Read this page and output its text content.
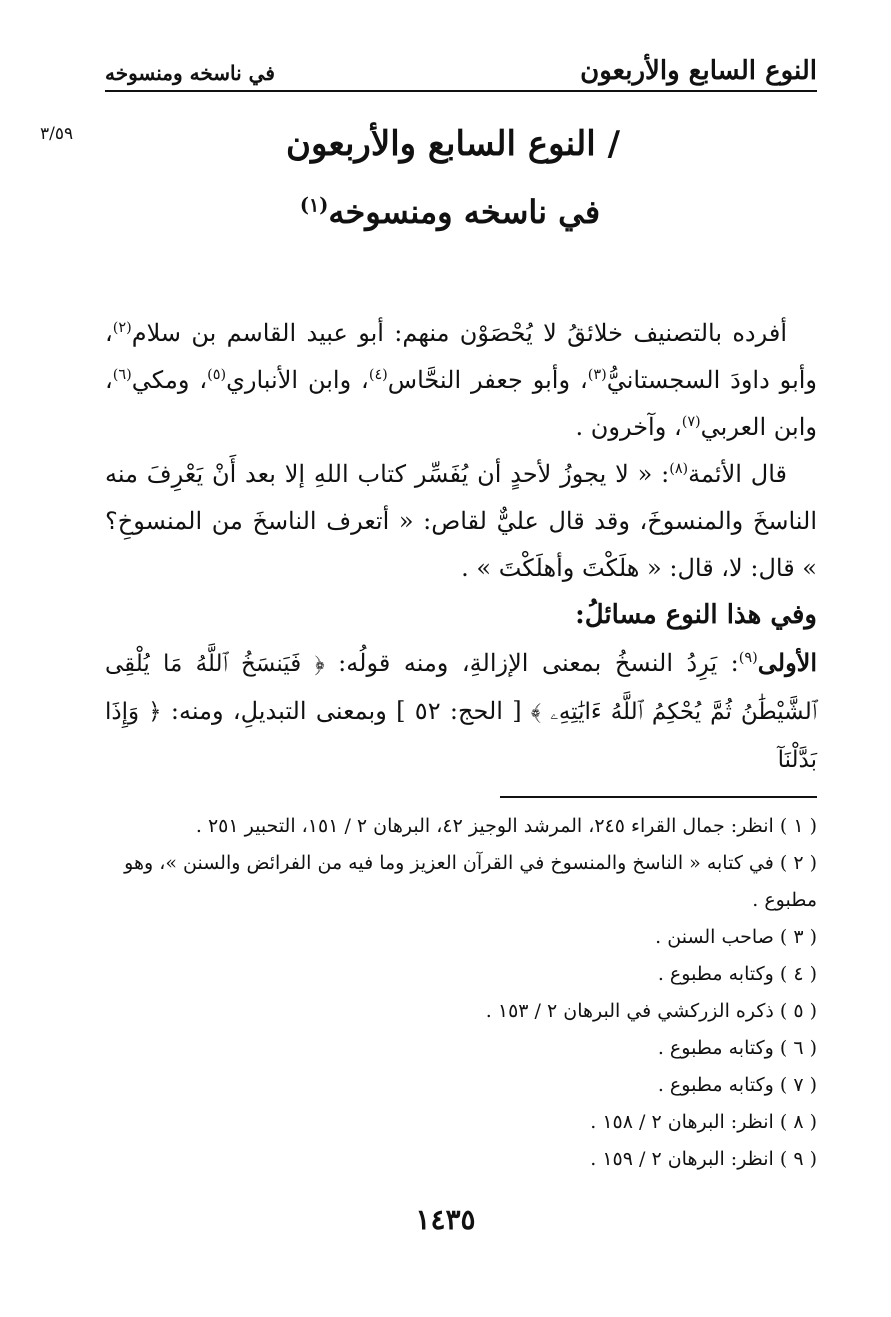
النوع السابع والأربعون
في ناسخه ومنسوخه
٣/٥٩	/ النوع السابع والأربعون
في ناسخه ومنسوخه$^{(١)}$

أفرده بالتصنيف خلائقُ لا يُحْصَوْن منهم: أبو عبيد القاسم بن سلام$^{(٢)}$، وأبو داودَ السجستانيُّ$^{(٣)}$، وأبو جعفر النحَّاس$^{(٤)}$، وابن الأنباري$^{(٥)}$، ومكي$^{(٦)}$، وابن العربي$^{(٧)}$، وآخرون .

قال الأئمة$^{(٨)}$: « لا يجوزُ لأحدٍ أن يُفَسِّر كتاب اللهِ إلا بعد أَنْ يَعْرِفَ منه الناسخَ والمنسوخَ، وقد قال عليٌّ لقاص: « أتعرف الناسخَ من المنسوخِ؟ » قال: لا، قال: « هلَكْتَ وأهلَكْتَ » .

وفي هذا النوع مسائلُ:

الأولى$^{(٩)}$: يَرِدُ النسخُ بمعنى الإزالةِ، ومنه قولُه: ﴿ فَيَنسَخُ ٱللَّهُ مَا يُلْقِى ٱلشَّيْطَٰنُ ثُمَّ يُحْكِمُ ٱللَّهُ ءَايَٰتِهِۦ ﴾ [ الحج: ٥٢ ] وبمعنى التبديلِ، ومنه: ﴿ وَإِذَا بَدَّلْنَآ

( ١ ) انظر: جمال القراء ٢٤٥، المرشد الوجيز ٤٢، البرهان ٢ / ١٥١، التحبير ٢٥١ .

( ٢ ) في كتابه « الناسخ والمنسوخ في القرآن العزيز وما فيه من الفرائض والسنن »، وهو مطبوع .

( ٣ ) صاحب السنن .

( ٤ ) وكتابه مطبوع .

( ٥ ) ذكره الزركشي في البرهان ٢ / ١٥٣ .

( ٦ ) وكتابه مطبوع .

( ٧ ) وكتابه مطبوع .

( ٨ ) انظر: البرهان ٢ / ١٥٨ .

( ٩ ) انظر: البرهان ٢ / ١٥٩ .

١٤٣٥
